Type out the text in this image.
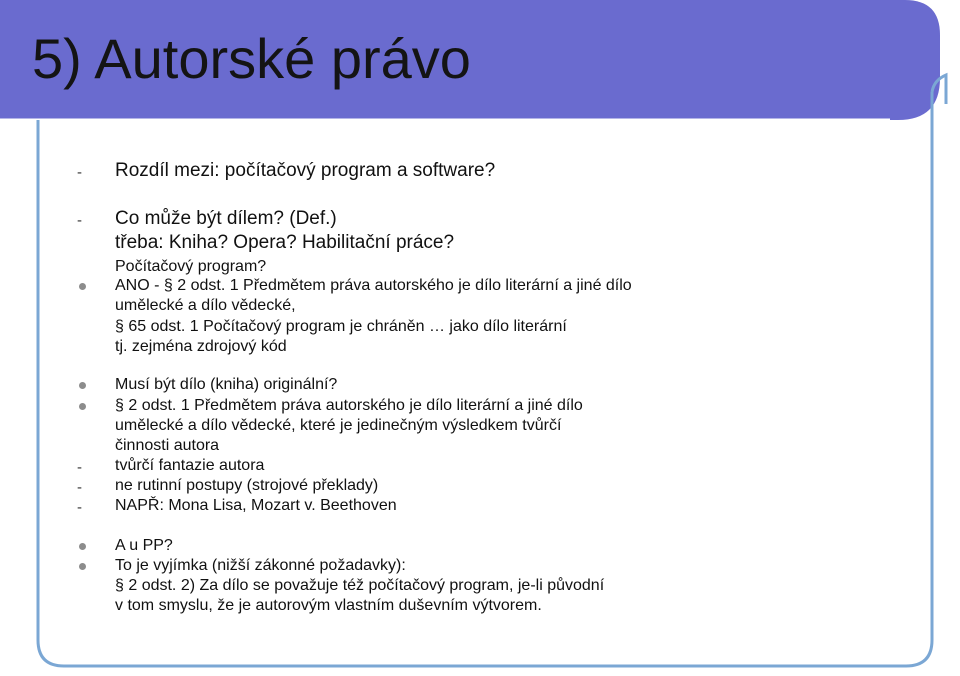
5) Autorské právo
- Rozdíl mezi: počítačový program a software?
- Co může být dílem? (Def.)
třeba: Kniha? Opera? Habilitační práce?
Počítačový program?
ANO - § 2 odst. 1 Předmětem práva autorského je dílo literární a jiné dílo
umělecké a dílo vědecké,
§ 65 odst. 1 Počítačový program je chráněn … jako dílo literární
tj. zejména zdrojový kód
Musí být dílo (kniha) originální?
§ 2 odst. 1 Předmětem práva autorského je dílo literární a jiné dílo
umělecké a dílo vědecké, které je jedinečným výsledkem tvůrčí
činnosti autora
- tvůrčí fantazie autora
- ne rutinní postupy (strojové překlady)
- NAPŘ: Mona Lisa, Mozart v. Beethoven
A u PP?
To je vyjímka (nižší zákonné požadavky):
§ 2 odst. 2) Za dílo se považuje též počítačový program, je-li původní
v tom smyslu, že je autorovým vlastním duševním výtvorem.
